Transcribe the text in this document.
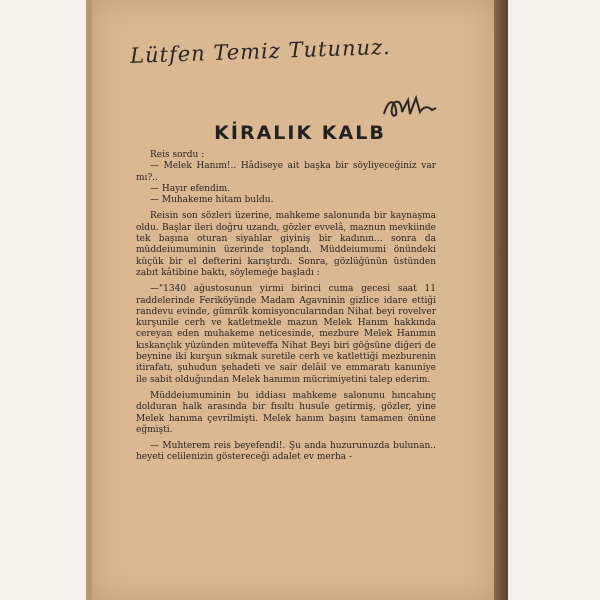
Lütfen Temiz Tutunuz.
KİRALIK KALB

Reis sordu :

— Melek Hanım!.. Hâdiseye ait başka bir söyliyeceğiniz var mı?..

— Hayır efendim.

— Muhakeme hitam buldu.

Reisin son sözleri üzerine, mahkeme salonunda bir kaynaşma oldu. Başlar ileri doğru uzandı, gözler evvelâ, maznun mevkiinde tek başına oturan siyahlar giyiniş bir kadının... sonra da müddeiumuminin üzerinde toplandı. Müddeiumumi önündeki küçük bir el defterini karıştırdı. Sonra, gözlüğünün üstünden zabıt kâtibine baktı, söylemeğe başladı :

—"1340 ağustosunun yirmi birinci cuma gecesi saat 11 raddelerinde Feriköyünde Madam Agavninin gizlice idare ettiği randevu evinde, gümrük komisyoncularından Nihat beyi rovelver kurşunile cerh ve katletmekle mazun Melek Hanım hakkında cereyan eden muhakeme neticesinde, mezbure Melek Hanımın kıskançlık yüzünden müteveffa Nihat Beyi biri göğsüne diğeri de beynine iki kurşun sıkmak suretile cerh ve katlettiği mezburenin itirafatı, şuhudun şehadeti ve sair delâil ve emmaratı kanuniye ile sabit olduğundan Melek hanımın mücrimiyetini talep ederim.

Müddeiumuminin bu iddiası mahkeme salonunu hıncahınç dolduran halk arasında bir fısıltı husule getirmiş, gözler, yine Melek hanıma çevrilmişti. Melek hanım başını tamamen önüne eğmişti.

— Muhterem reis beyefendi!. Şu anda huzurunuzda bulunan.. heyeti celilenizin göstereceği adalet ev merha -
